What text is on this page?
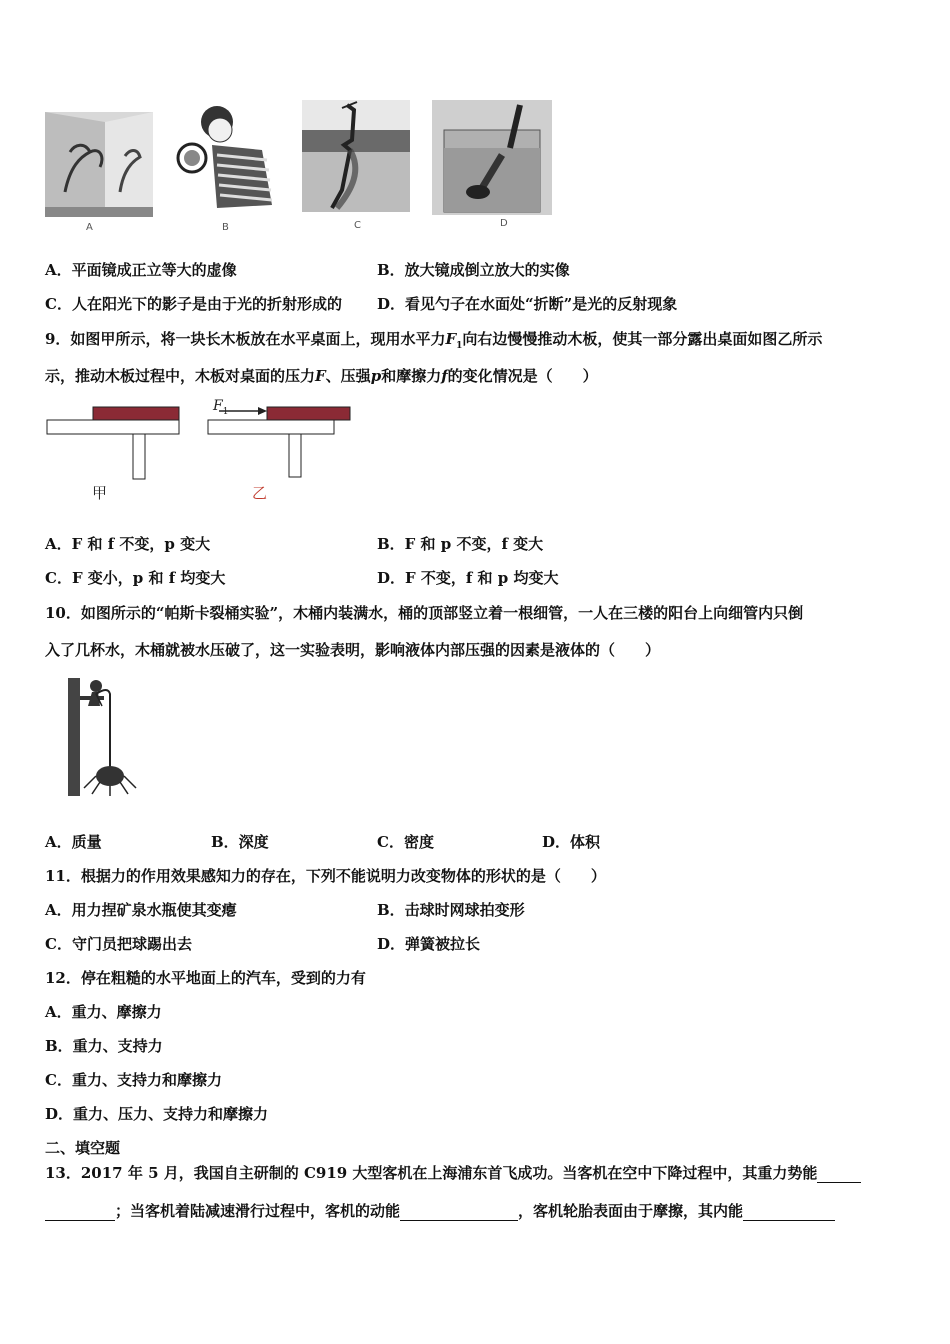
A	B	C	D
A．平面镜成正立等大的虚像	B．放大镜成倒立放大的实像
C．人在阳光下的影子是由于光的折射形成的 D．看见勺子在水面处“折断”是光的反射现象
9．如图甲所示，将一块长木板放在水平桌面上，现用水平力$F_1$向右边慢慢推动木板，使其一部分露出桌面如图乙所示
示，推动木板过程中，木板对桌面的压力F、压强p和摩擦力f的变化情况是（　　）
$F_1$
甲	乙
A．F 和 f 不变，p 变大	B．F 和 p 不变，f 变大
C．F 变小，p 和 f 均变大	D．F 不变，f 和 p 均变大
10．如图所示的“帕斯卡裂桶实验”，木桶内装满水，桶的顶部竖立着一根细管，一人在三楼的阳台上向细管内只倒
入了几杯水，木桶就被水压破了，这一实验表明，影响液体内部压强的因素是液体的（　　）
A．质量	B．深度	C．密度	D．体积
11．根据力的作用效果感知力的存在，下列不能说明力改变物体的形状的是（　　）
A．用力捏矿泉水瓶使其变瘪	B．击球时网球拍变形
C．守门员把球踢出去	D．弹簧被拉长
12．停在粗糙的水平地面上的汽车，受到的力有
A．重力、摩擦力
B．重力、支持力
C．重力、支持力和摩擦力
D．重力、压力、支持力和摩擦力
二、填空题
13．2017 年 5 月，我国自主研制的 C919 大型客机在上海浦东首飞成功。当客机在空中下降过程中，其重力势能
；当客机着陆减速滑行过程中，客机的动能	，客机轮胎表面由于摩擦，其内能
